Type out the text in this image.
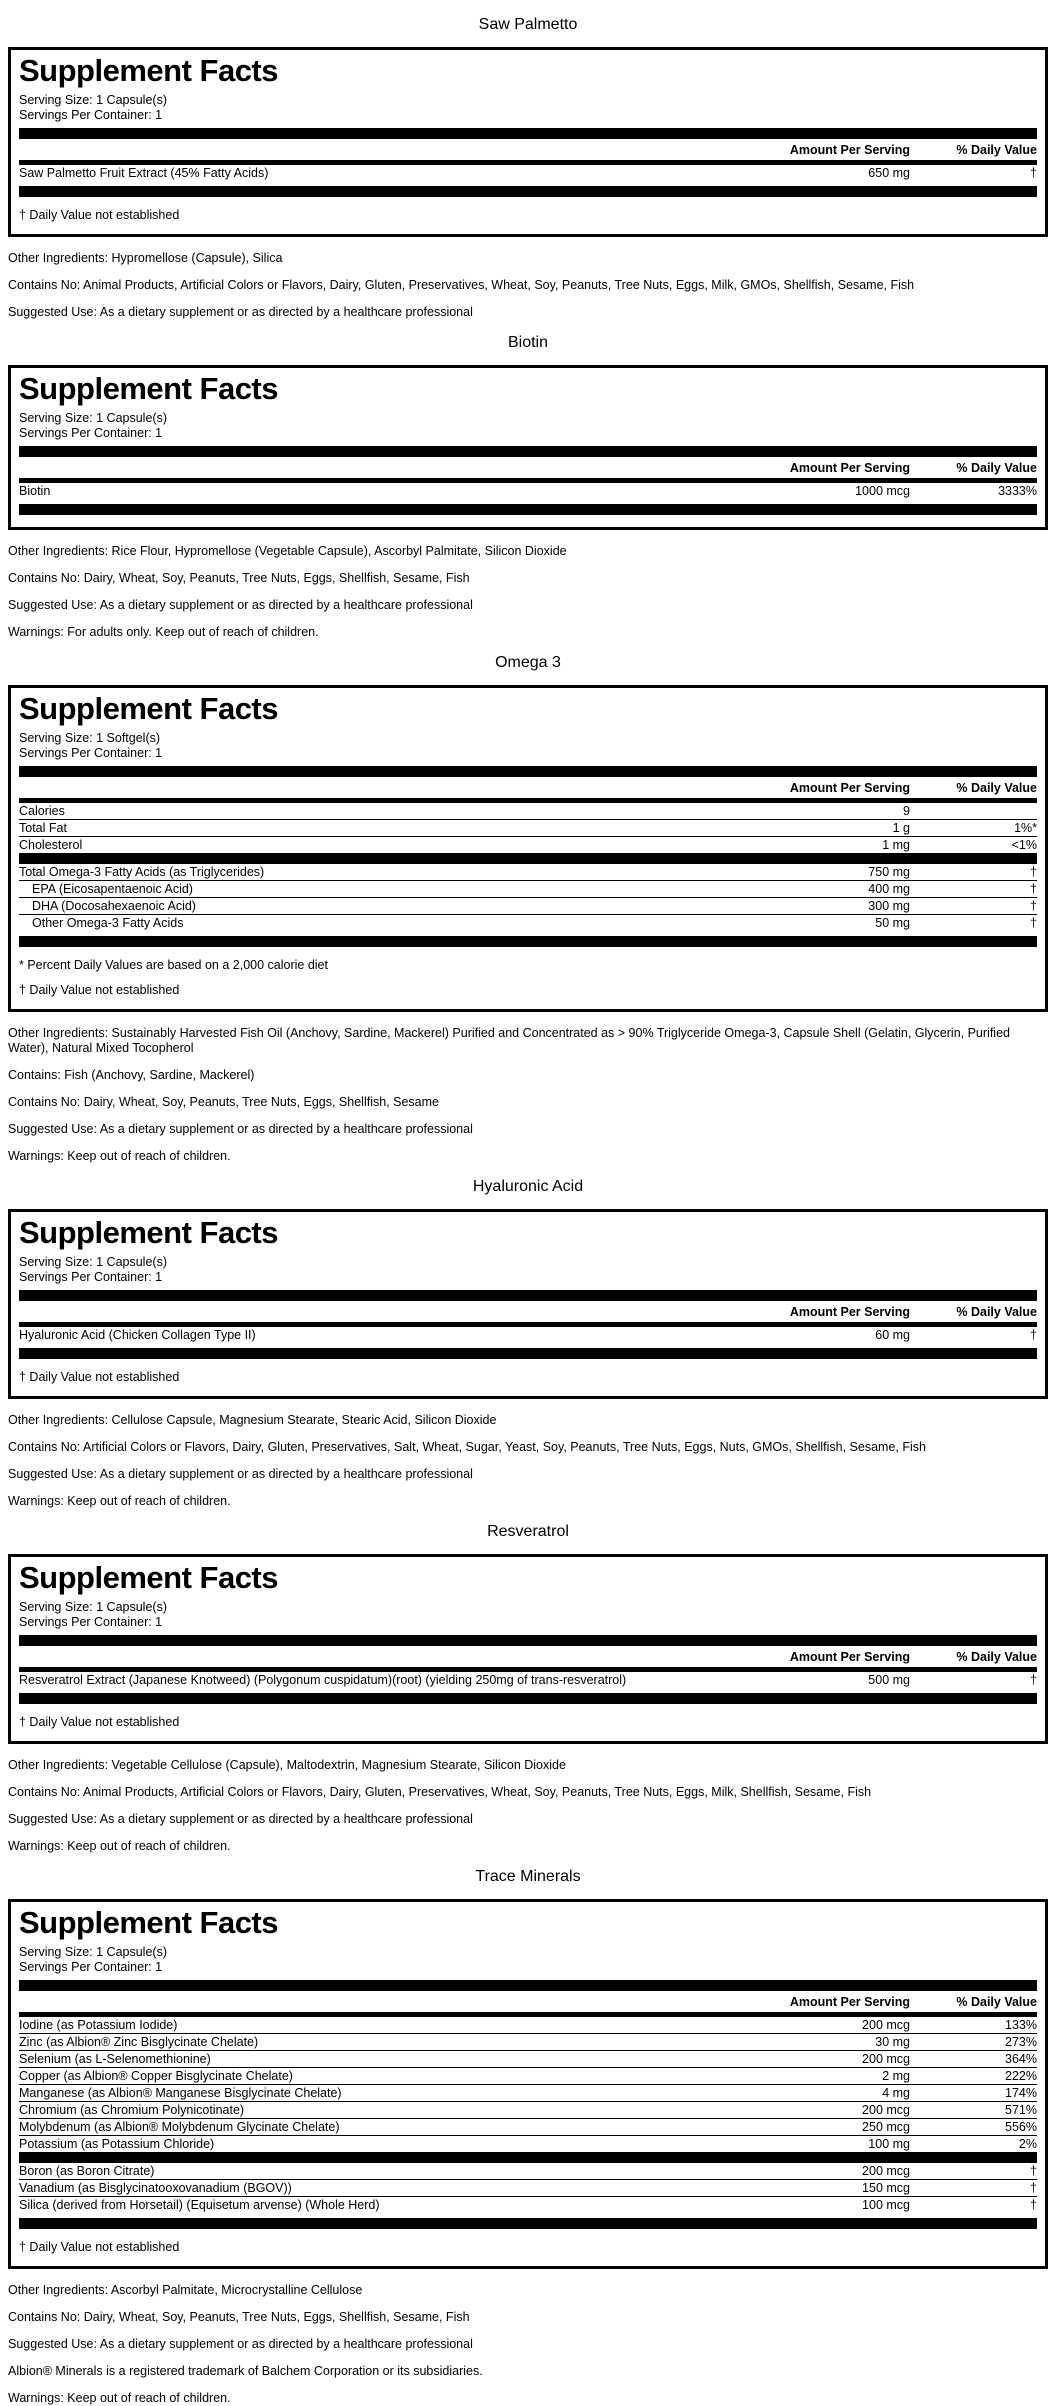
Saw Palmetto
Supplement Facts
Serving Size: 1 Capsule(s)
Servings Per Container: 1
Amount Per Serving	% Daily Value
Saw Palmetto Fruit Extract (45% Fatty Acids)	650 mg	†
† Daily Value not established

Other Ingredients: Hypromellose (Capsule), Silica

Contains No: Animal Products, Artificial Colors or Flavors, Dairy, Gluten, Preservatives, Wheat, Soy, Peanuts, Tree Nuts, Eggs, Milk, GMOs, Shellfish, Sesame, Fish

Suggested Use: As a dietary supplement or as directed by a healthcare professional

Biotin
Supplement Facts
Serving Size: 1 Capsule(s)
Servings Per Container: 1
Amount Per Serving	% Daily Value
Biotin	1000 mcg	3333%

Other Ingredients: Rice Flour, Hypromellose (Vegetable Capsule), Ascorbyl Palmitate, Silicon Dioxide

Contains No: Dairy, Wheat, Soy, Peanuts, Tree Nuts, Eggs, Shellfish, Sesame, Fish

Suggested Use: As a dietary supplement or as directed by a healthcare professional

Warnings: For adults only. Keep out of reach of children.

Omega 3
Supplement Facts
Serving Size: 1 Softgel(s)
Servings Per Container: 1
Amount Per Serving	% Daily Value
Calories	9
Total Fat	1 g	1%*
Cholesterol	1 mg	<1%
Total Omega-3 Fatty Acids (as Triglycerides)	750 mg	†
EPA (Eicosapentaenoic Acid)	400 mg	†
DHA (Docosahexaenoic Acid)	300 mg	†
Other Omega-3 Fatty Acids	50 mg	†
* Percent Daily Values are based on a 2,000 calorie diet
† Daily Value not established

Other Ingredients: Sustainably Harvested Fish Oil (Anchovy, Sardine, Mackerel) Purified and Concentrated as > 90% Triglyceride Omega-3, Capsule Shell (Gelatin, Glycerin, Purified Water), Natural Mixed Tocopherol

Contains: Fish (Anchovy, Sardine, Mackerel)

Contains No: Dairy, Wheat, Soy, Peanuts, Tree Nuts, Eggs, Shellfish, Sesame

Suggested Use: As a dietary supplement or as directed by a healthcare professional

Warnings: Keep out of reach of children.

Hyaluronic Acid
Supplement Facts
Serving Size: 1 Capsule(s)
Servings Per Container: 1
Amount Per Serving	% Daily Value
Hyaluronic Acid (Chicken Collagen Type II)	60 mg	†
† Daily Value not established

Other Ingredients: Cellulose Capsule, Magnesium Stearate, Stearic Acid, Silicon Dioxide

Contains No: Artificial Colors or Flavors, Dairy, Gluten, Preservatives, Salt, Wheat, Sugar, Yeast, Soy, Peanuts, Tree Nuts, Eggs, Nuts, GMOs, Shellfish, Sesame, Fish

Suggested Use: As a dietary supplement or as directed by a healthcare professional

Warnings: Keep out of reach of children.

Resveratrol
Supplement Facts
Serving Size: 1 Capsule(s)
Servings Per Container: 1
Amount Per Serving	% Daily Value
Resveratrol Extract (Japanese Knotweed) (Polygonum cuspidatum)(root) (yielding 250mg of trans-resveratrol)	500 mg	†
† Daily Value not established

Other Ingredients: Vegetable Cellulose (Capsule), Maltodextrin, Magnesium Stearate, Silicon Dioxide

Contains No: Animal Products, Artificial Colors or Flavors, Dairy, Gluten, Preservatives, Wheat, Soy, Peanuts, Tree Nuts, Eggs, Milk, Shellfish, Sesame, Fish

Suggested Use: As a dietary supplement or as directed by a healthcare professional

Warnings: Keep out of reach of children.

Trace Minerals
Supplement Facts
Serving Size: 1 Capsule(s)
Servings Per Container: 1
Amount Per Serving	% Daily Value
Iodine (as Potassium Iodide)	200 mcg	133%
Zinc (as Albion® Zinc Bisglycinate Chelate)	30 mg	273%
Selenium (as L-Selenomethionine)	200 mcg	364%
Copper (as Albion® Copper Bisglycinate Chelate)	2 mg	222%
Manganese (as Albion® Manganese Bisglycinate Chelate)	4 mg	174%
Chromium (as Chromium Polynicotinate)	200 mcg	571%
Molybdenum (as Albion® Molybdenum Glycinate Chelate)	250 mcg	556%
Potassium (as Potassium Chloride)	100 mg	2%
Boron (as Boron Citrate)	200 mcg	†
Vanadium (as Bisglycinatooxovanadium (BGOV))	150 mcg	†
Silica (derived from Horsetail) (Equisetum arvense) (Whole Herd)	100 mcg	†
† Daily Value not established

Other Ingredients: Ascorbyl Palmitate, Microcrystalline Cellulose

Contains No: Dairy, Wheat, Soy, Peanuts, Tree Nuts, Eggs, Shellfish, Sesame, Fish

Suggested Use: As a dietary supplement or as directed by a healthcare professional

Albion® Minerals is a registered trademark of Balchem Corporation or its subsidiaries.

Warnings: Keep out of reach of children.
